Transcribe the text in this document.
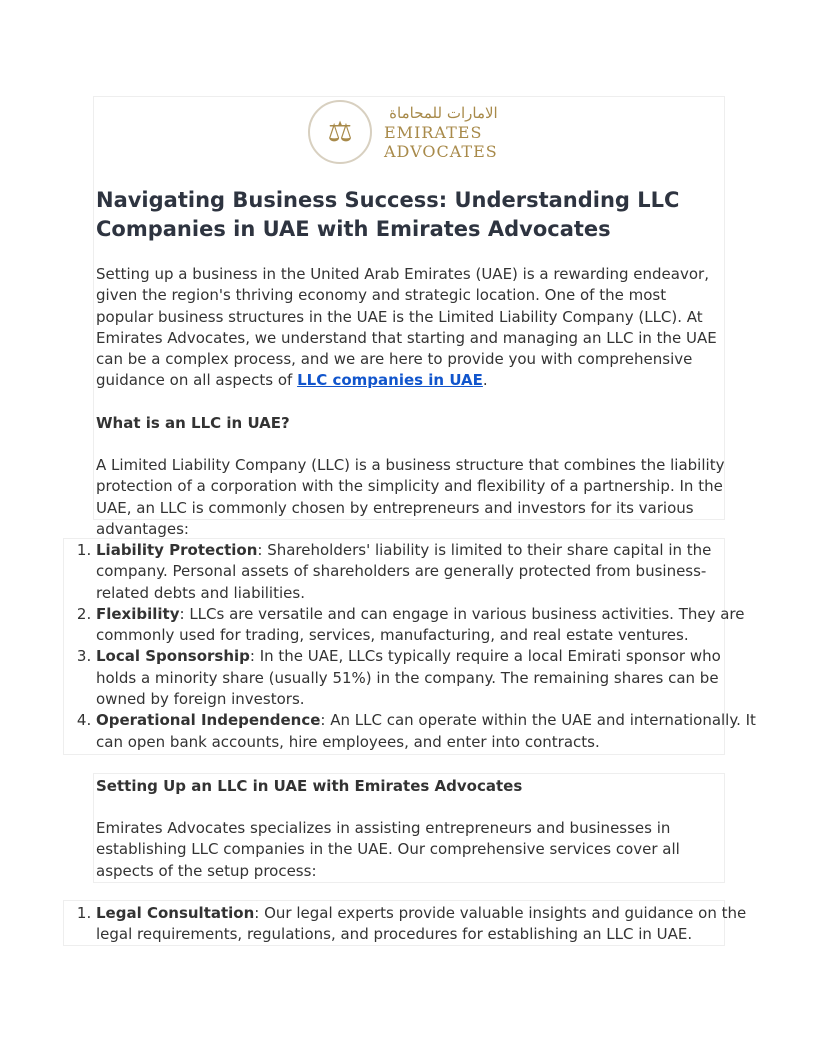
⚖
الامارات للمحاماة
EMIRATES
ADVOCATES
Navigating Business Success: Understanding LLC Companies in UAE with Emirates Advocates

Setting up a business in the United Arab Emirates (UAE) is a rewarding endeavor, given the region's thriving economy and strategic location. One of the most popular business structures in the UAE is the Limited Liability Company (LLC). At Emirates Advocates, we understand that starting and managing an LLC in the UAE can be a complex process, and we are here to provide you with comprehensive guidance on all aspects of LLC companies in UAE.

What is an LLC in UAE?

A Limited Liability Company (LLC) is a business structure that combines the liability protection of a corporation with the simplicity and flexibility of a partnership. In the UAE, an LLC is commonly chosen by entrepreneurs and investors for its various advantages:

1. Liability Protection: Shareholders' liability is limited to their share capital in the company. Personal assets of shareholders are generally protected from business-related debts and liabilities.
2. Flexibility: LLCs are versatile and can engage in various business activities. They are commonly used for trading, services, manufacturing, and real estate ventures.
3. Local Sponsorship: In the UAE, LLCs typically require a local Emirati sponsor who holds a minority share (usually 51%) in the company. The remaining shares can be owned by foreign investors.
4. Operational Independence: An LLC can operate within the UAE and internationally. It can open bank accounts, hire employees, and enter into contracts.

Setting Up an LLC in UAE with Emirates Advocates

Emirates Advocates specializes in assisting entrepreneurs and businesses in establishing LLC companies in the UAE. Our comprehensive services cover all aspects of the setup process:

1. Legal Consultation: Our legal experts provide valuable insights and guidance on the legal requirements, regulations, and procedures for establishing an LLC in UAE.
